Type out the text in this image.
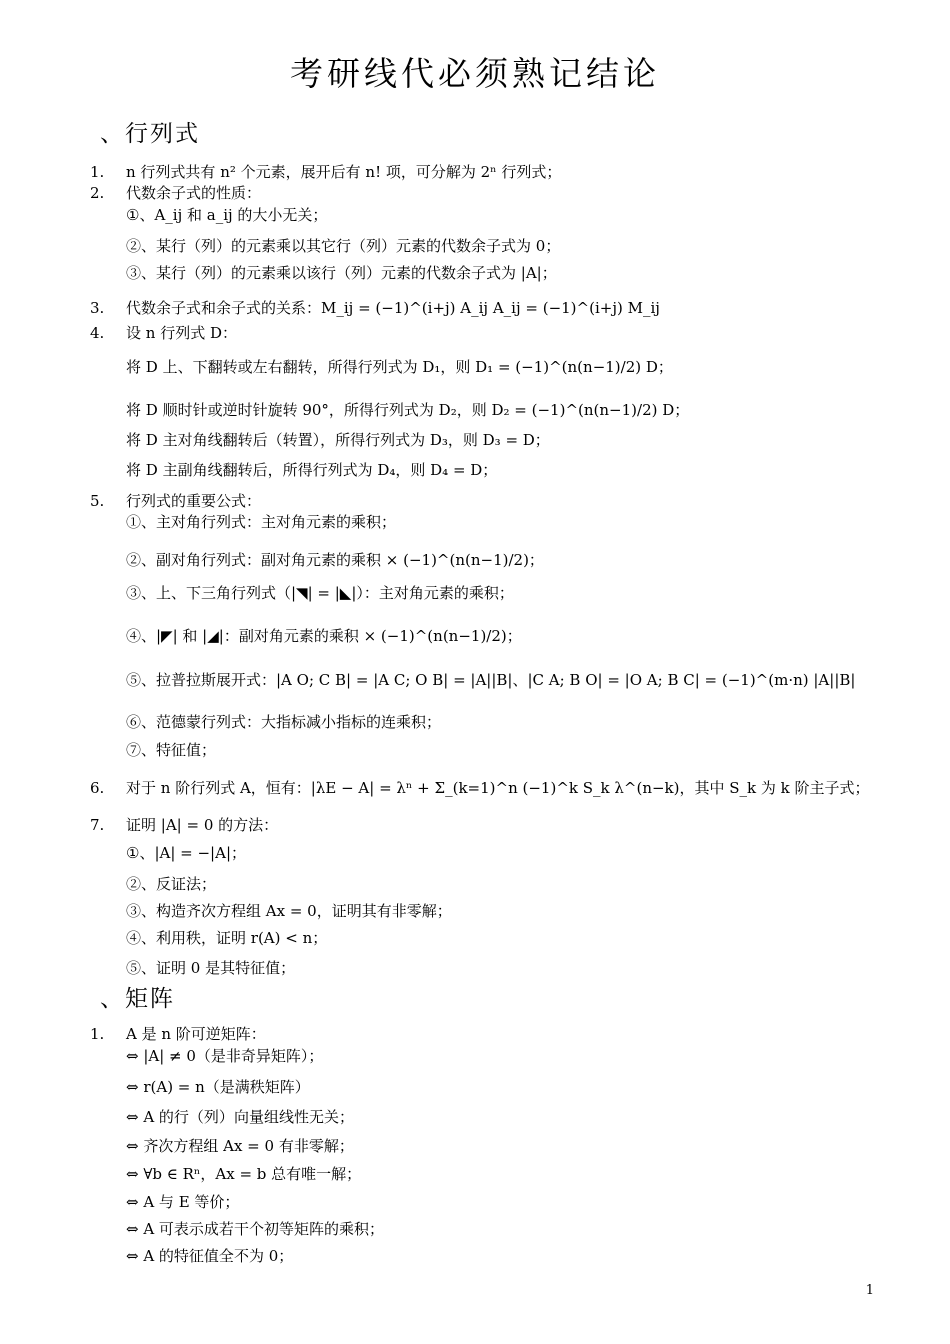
考研线代必须熟记结论
、行列式
1. n 行列式共有 n² 个元素，展开后有 n! 项，可分解为 2ⁿ 行列式；
2. 代数余子式的性质：
①、A_ij 和 a_ij 的大小无关；
②、某行（列）的元素乘以其它行（列）元素的代数余子式为 0；
③、某行（列）的元素乘以该行（列）元素的代数余子式为 |A|；
3. 代数余子式和余子式的关系：M_ij = (−1)^(i+j) A_ij A_ij = (−1)^(i+j) M_ij
4. 设 n 行列式 D：
将 D 上、下翻转或左右翻转，所得行列式为 D₁，则 D₁ = (−1)^(n(n−1)/2) D；
将 D 顺时针或逆时针旋转 90°，所得行列式为 D₂，则 D₂ = (−1)^(n(n−1)/2) D；
将 D 主对角线翻转后（转置），所得行列式为 D₃，则 D₃ = D；
将 D 主副角线翻转后，所得行列式为 D₄，则 D₄ = D；
5. 行列式的重要公式：
①、主对角行列式：主对角元素的乘积；
②、副对角行列式：副对角元素的乘积 × (−1)^(n(n−1)/2)；
③、上、下三角行列式（|◥| = |◣|）：主对角元素的乘积；
④、|◤| 和 |◢|：副对角元素的乘积 × (−1)^(n(n−1)/2)；
⑤、拉普拉斯展开式：|A O; C B| = |A C; O B| = |A||B|、|C A; B O| = |O A; B C| = (−1)^(m·n) |A||B|
⑥、范德蒙行列式：大指标减小指标的连乘积；
⑦、特征值；
6. 对于 n 阶行列式 A，恒有：|λE − A| = λⁿ + Σ_(k=1)^n (−1)^k S_k λ^(n−k)，其中 S_k 为 k 阶主子式；
7. 证明 |A| = 0 的方法：
①、|A| = −|A|；
②、反证法；
③、构造齐次方程组 Ax = 0，证明其有非零解；
④、利用秩，证明 r(A) < n；
⑤、证明 0 是其特征值；
、矩阵
1. A 是 n 阶可逆矩阵：
⇔ |A| ≠ 0（是非奇异矩阵）；
⇔ r(A) = n（是满秩矩阵）
⇔ A 的行（列）向量组线性无关；
⇔ 齐次方程组 Ax = 0 有非零解；
⇔ ∀b ∈ Rⁿ，Ax = b 总有唯一解；
⇔ A 与 E 等价；
⇔ A 可表示成若干个初等矩阵的乘积；
⇔ A 的特征值全不为 0；
1
